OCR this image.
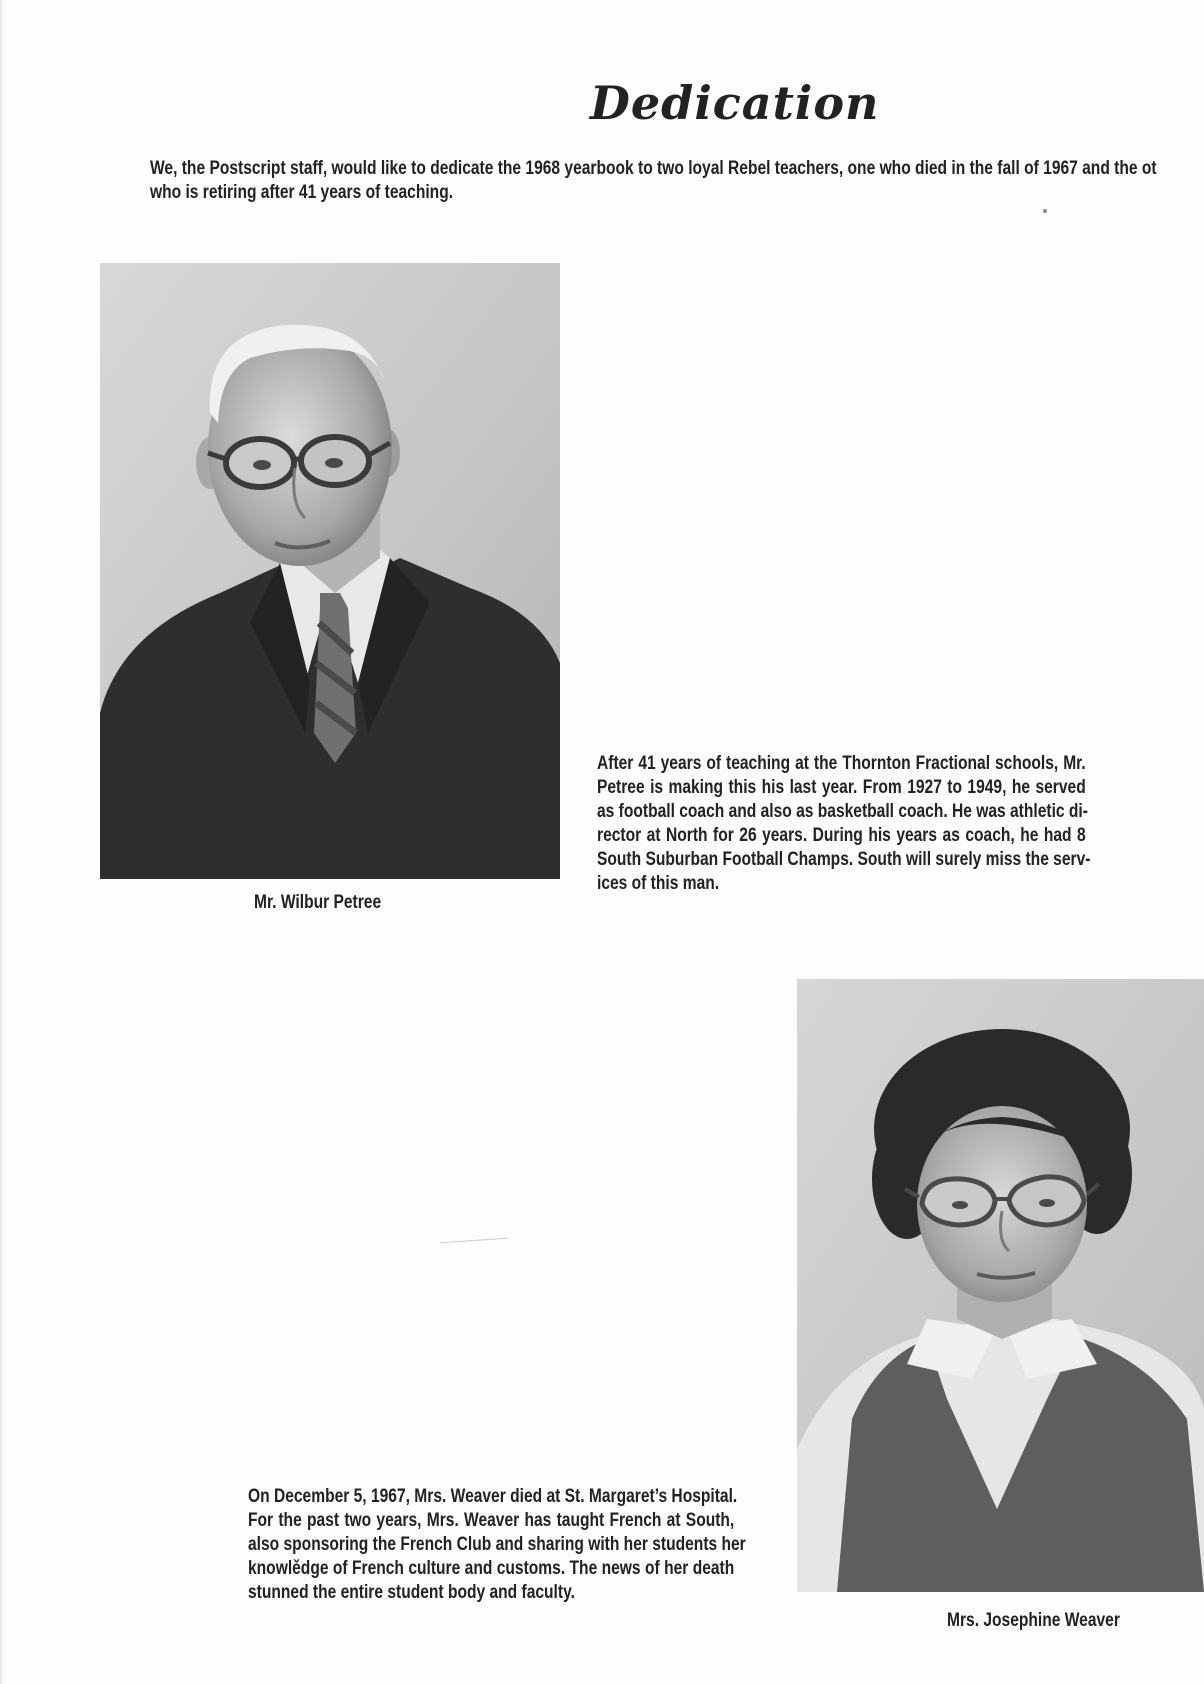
Dedication
We, the Postscript staff, would like to dedicate the 1968 yearbook to two loyal Rebel teachers, one who died in the fall of 1967 and the ot
who is retiring after 41 years of teaching.
Mr. Wilbur Petree
After 41 years of teaching at the Thornton Fractional schools, Mr.
Petree is making this his last year. From 1927 to 1949, he served
as football coach and also as basketball coach. He was athletic di-
rector at North for 26 years. During his years as coach, he had 8
South Suburban Football Champs. South will surely miss the serv-
ices of this man.
Mrs. Josephine Weaver
On December 5, 1967, Mrs. Weaver died at St. Margaret’s Hospital.
For the past two years, Mrs. Weaver has taught French at South,
also sponsoring the French Club and sharing with her students her
knowlědge of French culture and customs. The news of her death
stunned the entire student body and faculty.
